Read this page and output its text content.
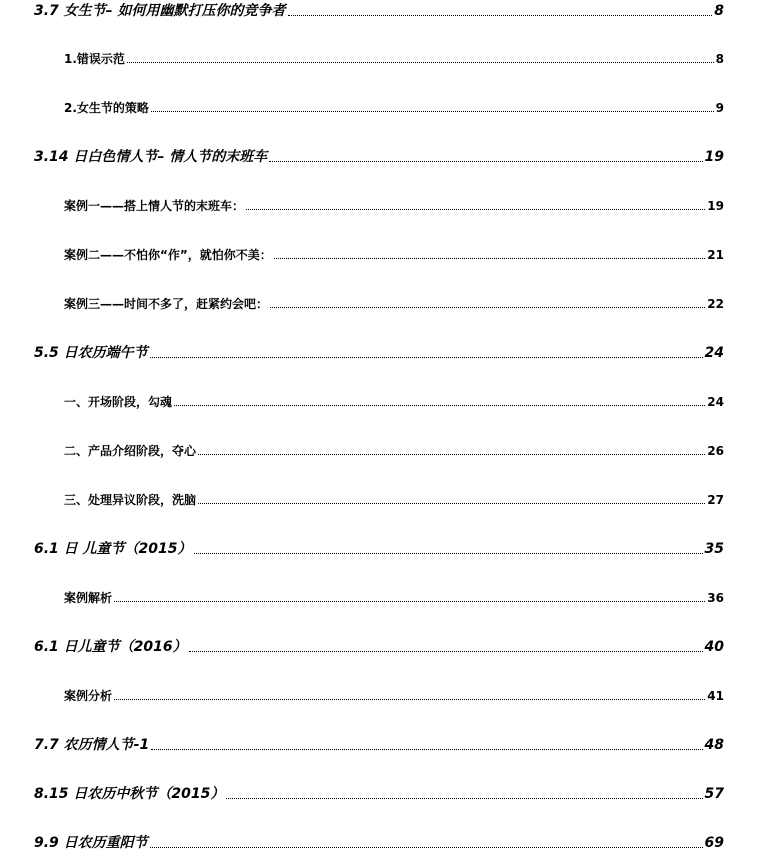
3.7 女生节– 如何用幽默打压你的竞争者	8
1.错误示范	8
2.女生节的策略	9
3.14 日白色情人节– 情人节的末班车	19
案例一——搭上情人节的末班车：	19
案例二——不怕你“作”，就怕你不美：	21
案例三——时间不多了，赶紧约会吧：	22
5.5 日农历端午节	24
一、开场阶段，勾魂	24
二、产品介绍阶段，夺心	26
三、处理异议阶段，洗脑	27
6.1 日 儿童节（2015）	35
案例解析	36
6.1 日儿童节（2016）	40
案例分析	41
7.7 农历情人节-1	48
8.15 日农历中秋节（2015）	57
9.9 日农历重阳节	69
